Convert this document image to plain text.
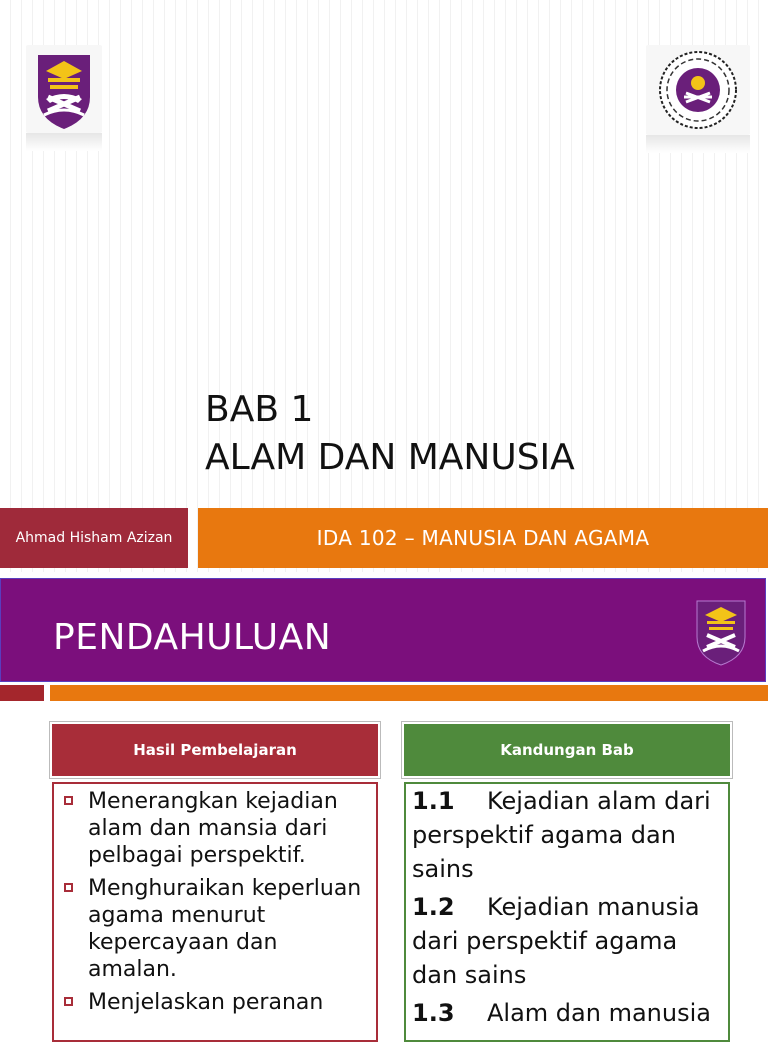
BAB 1
ALAM DAN MANUSIA
Ahmad Hisham Azizan	IDA 102 – MANUSIA DAN AGAMA
PENDAHULUAN
Hasil Pembelajaran	Kandungan Bab
Menerangkan kejadian alam dan mansia dari pelbagai perspektif.
Menghuraikan keperluan agama menurut kepercayaan dan amalan.
Menjelaskan peranan
1.1 Kejadian alam dari perspektif agama dan sains
1.2 Kejadian manusia dari perspektif agama dan sains
1.3 Alam dan manusia
